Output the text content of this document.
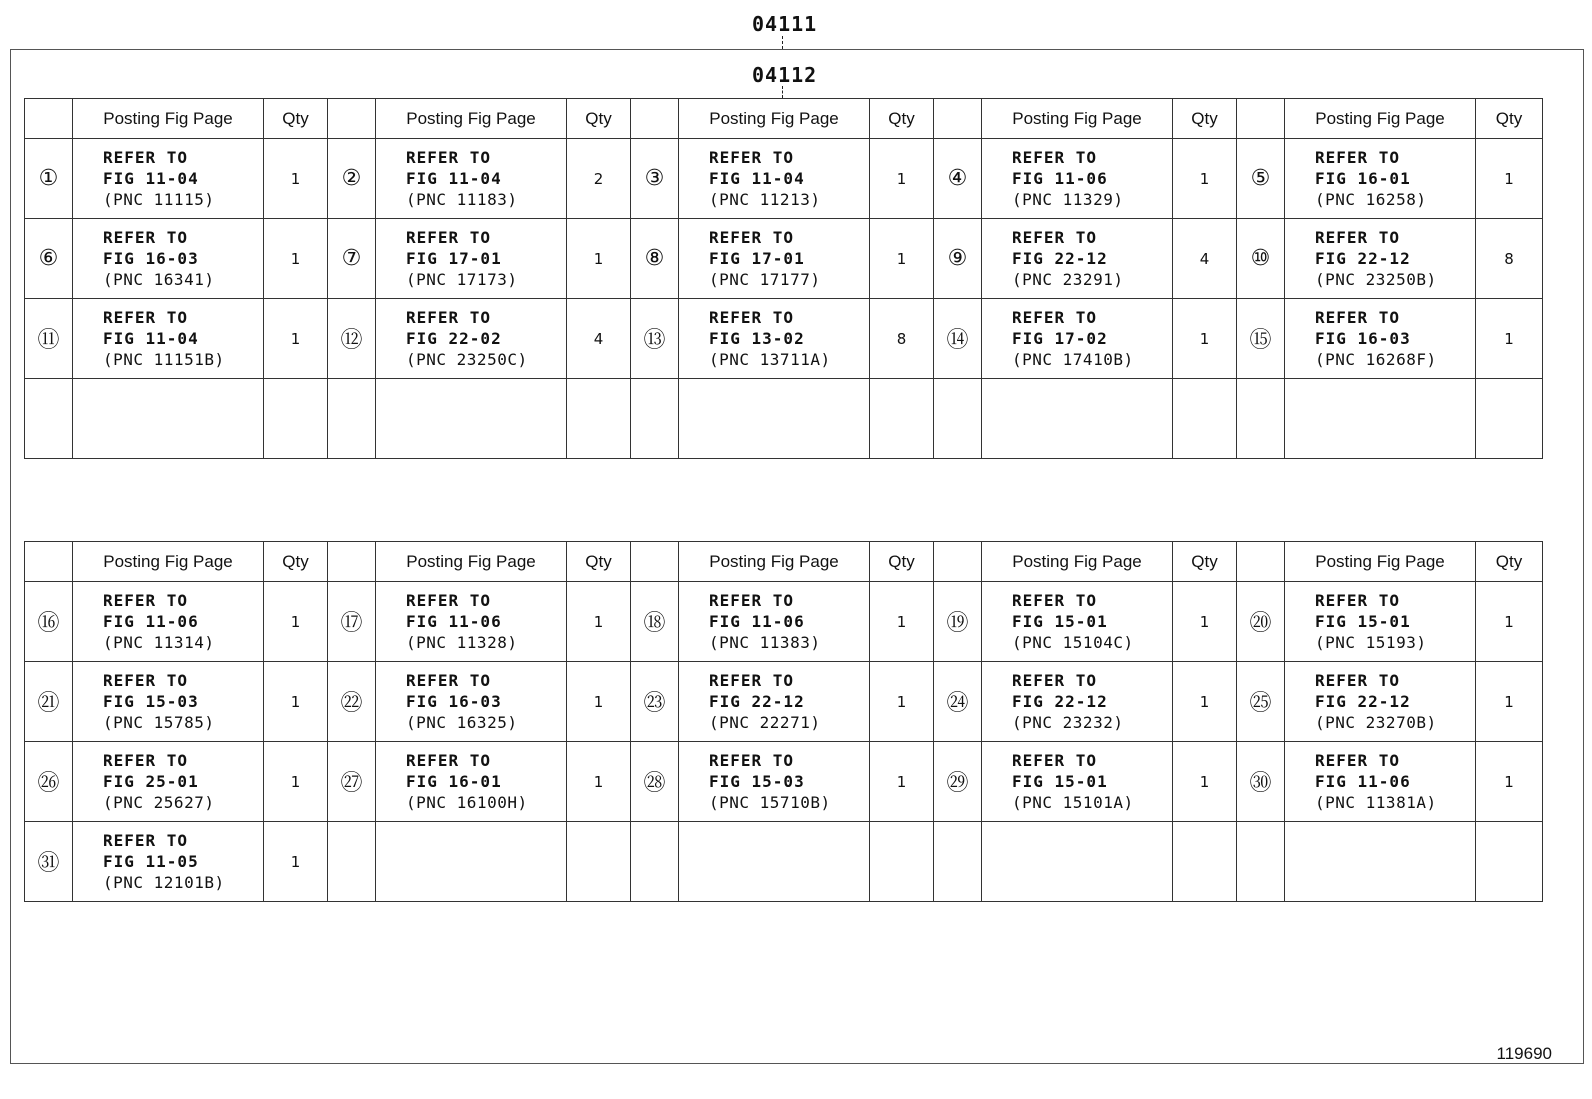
04111
04112
	Posting Fig Page	Qty		Posting Fig Page	Qty		Posting Fig Page	Qty		Posting Fig Page	Qty		Posting Fig Page	Qty
①	REFER TO
FIG 11-04
(PNC 11115)	1	②	REFER TO
FIG 11-04
(PNC 11183)	2	③	REFER TO
FIG 11-04
(PNC 11213)	1	④	REFER TO
FIG 11-06
(PNC 11329)	1	⑤	REFER TO
FIG 16-01
(PNC 16258)	1
⑥	REFER TO
FIG 16-03
(PNC 16341)	1	⑦	REFER TO
FIG 17-01
(PNC 17173)	1	⑧	REFER TO
FIG 17-01
(PNC 17177)	1	⑨	REFER TO
FIG 22-12
(PNC 23291)	4	⑩	REFER TO
FIG 22-12
(PNC 23250B)	8
⑪	REFER TO
FIG 11-04
(PNC 11151B)	1	⑫	REFER TO
FIG 22-02
(PNC 23250C)	4	⑬	REFER TO
FIG 13-02
(PNC 13711A)	8	⑭	REFER TO
FIG 17-02
(PNC 17410B)	1	⑮	REFER TO
FIG 16-03
(PNC 16268F)	1

	Posting Fig Page	Qty		Posting Fig Page	Qty		Posting Fig Page	Qty		Posting Fig Page	Qty		Posting Fig Page	Qty
⑯	REFER TO
FIG 11-06
(PNC 11314)	1	⑰	REFER TO
FIG 11-06
(PNC 11328)	1	⑱	REFER TO
FIG 11-06
(PNC 11383)	1	⑲	REFER TO
FIG 15-01
(PNC 15104C)	1	⑳	REFER TO
FIG 15-01
(PNC 15193)	1
㉑	REFER TO
FIG 15-03
(PNC 15785)	1	㉒	REFER TO
FIG 16-03
(PNC 16325)	1	㉓	REFER TO
FIG 22-12
(PNC 22271)	1	㉔	REFER TO
FIG 22-12
(PNC 23232)	1	㉕	REFER TO
FIG 22-12
(PNC 23270B)	1
㉖	REFER TO
FIG 25-01
(PNC 25627)	1	㉗	REFER TO
FIG 16-01
(PNC 16100H)	1	㉘	REFER TO
FIG 15-03
(PNC 15710B)	1	㉙	REFER TO
FIG 15-01
(PNC 15101A)	1	㉚	REFER TO
FIG 11-06
(PNC 11381A)	1
㉛	REFER TO
FIG 11-05
(PNC 12101B)	1		

119690
